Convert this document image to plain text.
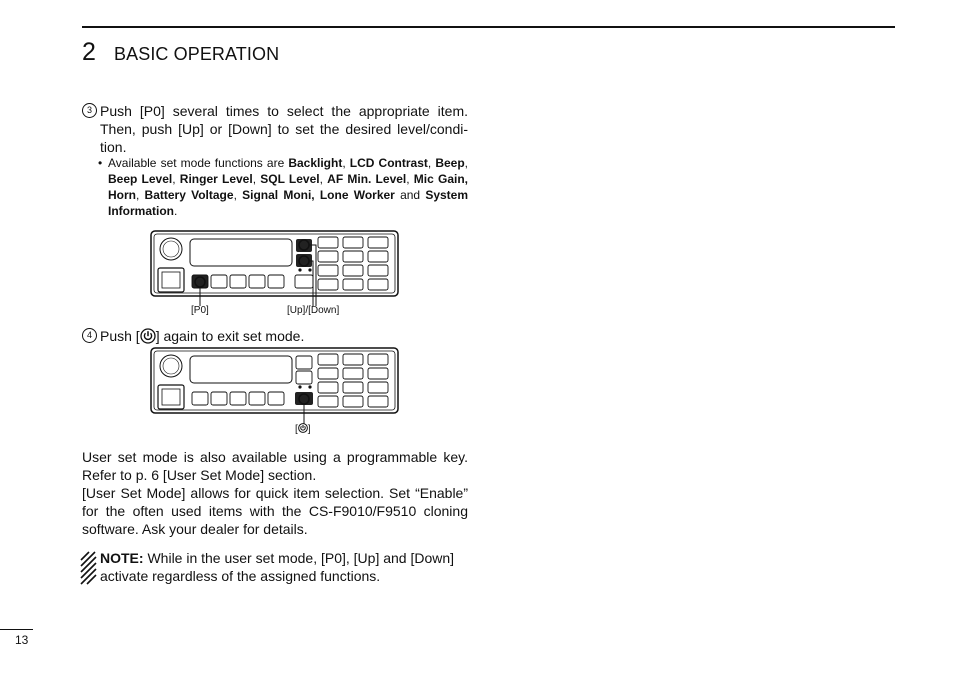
2 BASIC OPERATION
3 Push [P0] several times to select the appropriate item. Then, push [Up] or [Down] to set the desired level/condi-tion.
• Available set mode functions are Backlight, LCD Contrast, Beep, Beep Level, Ringer Level, SQL Level, AF Min. Level, Mic Gain, Horn, Battery Voltage, Signal Moni, Lone Worker and System Information.
[P0]	[Up]/[Down]
4 Push [ ] again to exit set mode.
[ ]
User set mode is also available using a programmable key. Refer to p. 6 [User Set Mode] section.
[User Set Mode] allows for quick item selection. Set “Enable” for the often used items with the CS-F9010/F9510 cloning software. Ask your dealer for details.
NOTE: While in the user set mode, [P0], [Up] and [Down] activate regardless of the assigned functions.
13
